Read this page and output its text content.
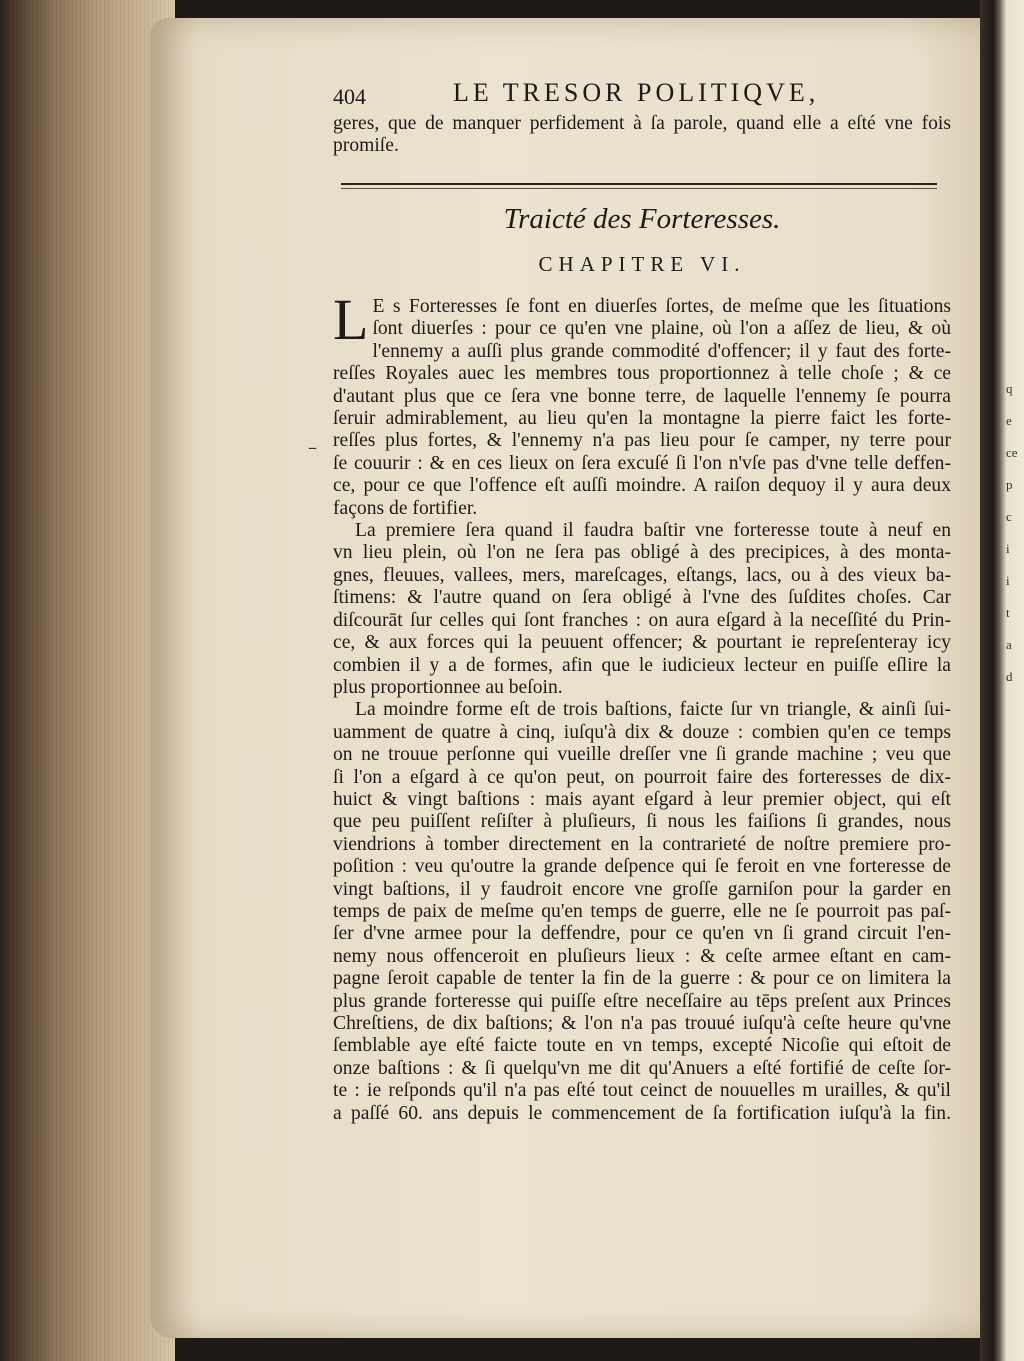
q
e
ce
p
c
i
i
t
a
d
404	LE TRESOR POLITIQVE,
geres, que de manquer perfidement à ſa parole, quand elle a eſté vne fois
promiſe.
Traicté des Forteresses.
CHAPITRE VI.
–
L E s Forteresses ſe font en diuerſes ſortes, de meſme que les ſituations
ſont diuerſes : pour ce qu'en vne plaine, où l'on a aſſez de lieu, & où
l'ennemy a auſſi plus grande commodité d'offencer; il y faut des forte-
reſſes Royales auec les membres tous proportionnez à telle choſe ; & ce
d'autant plus que ce ſera vne bonne terre, de laquelle l'ennemy ſe pourra
ſeruir admirablement, au lieu qu'en la montagne la pierre faict les forte-
reſſes plus fortes, & l'ennemy n'a pas lieu pour ſe camper, ny terre pour
ſe couurir : & en ces lieux on ſera excuſé ſi l'on n'vſe pas d'vne telle deffen-
ce, pour ce que l'offence eſt auſſi moindre. A raiſon dequoy il y aura deux
façons de fortifier.
La premiere ſera quand il faudra baſtir vne forteresse toute à neuf en
vn lieu plein, où l'on ne ſera pas obligé à des precipices, à des monta-
gnes, fleuues, vallees, mers, mareſcages, eſtangs, lacs, ou à des vieux ba-
ſtimens: & l'autre quand on ſera obligé à l'vne des ſuſdites choſes. Car
diſcourāt ſur celles qui ſont franches : on aura eſgard à la neceſſité du Prin-
ce, & aux forces qui la peuuent offencer; & pourtant ie repreſenteray icy
combien il y a de formes, afin que le iudicieux lecteur en puiſſe eſlire la
plus proportionnee au beſoin.
La moindre forme eſt de trois baſtions, faicte ſur vn triangle, & ainſi ſui-
uamment de quatre à cinq, iuſqu'à dix & douze : combien qu'en ce temps
on ne trouue perſonne qui vueille dreſſer vne ſi grande machine ; veu que
ſi l'on a eſgard à ce qu'on peut, on pourroit faire des forteresses de dix-
huict & vingt baſtions : mais ayant eſgard à leur premier object, qui eſt
que peu puiſſent reſiſter à pluſieurs, ſi nous les faiſions ſi grandes, nous
viendrions à tomber directement en la contrarieté de noſtre premiere pro-
poſition : veu qu'outre la grande deſpence qui ſe feroit en vne forteresse de
vingt baſtions, il y faudroit encore vne groſſe garniſon pour la garder en
temps de paix de meſme qu'en temps de guerre, elle ne ſe pourroit pas paſ-
ſer d'vne armee pour la deffendre, pour ce qu'en vn ſi grand circuit l'en-
nemy nous offenceroit en pluſieurs lieux : & ceſte armee eſtant en cam-
pagne ſeroit capable de tenter la fin de la guerre : & pour ce on limitera la
plus grande forteresse qui puiſſe eſtre neceſſaire au tēps preſent aux Princes
Chreſtiens, de dix baſtions; & l'on n'a pas trouué iuſqu'à ceſte heure qu'vne
ſemblable aye eſté faicte toute en vn temps, excepté Nicoſie qui eſtoit de
onze baſtions : & ſi quelqu'vn me dit qu'Anuers a eſté fortifié de ceſte ſor-
te : ie reſponds qu'il n'a pas eſté tout ceinct de nouuelles m urailles, & qu'il
a paſſé 60. ans depuis le commencement de ſa fortification iuſqu'à la fin.
